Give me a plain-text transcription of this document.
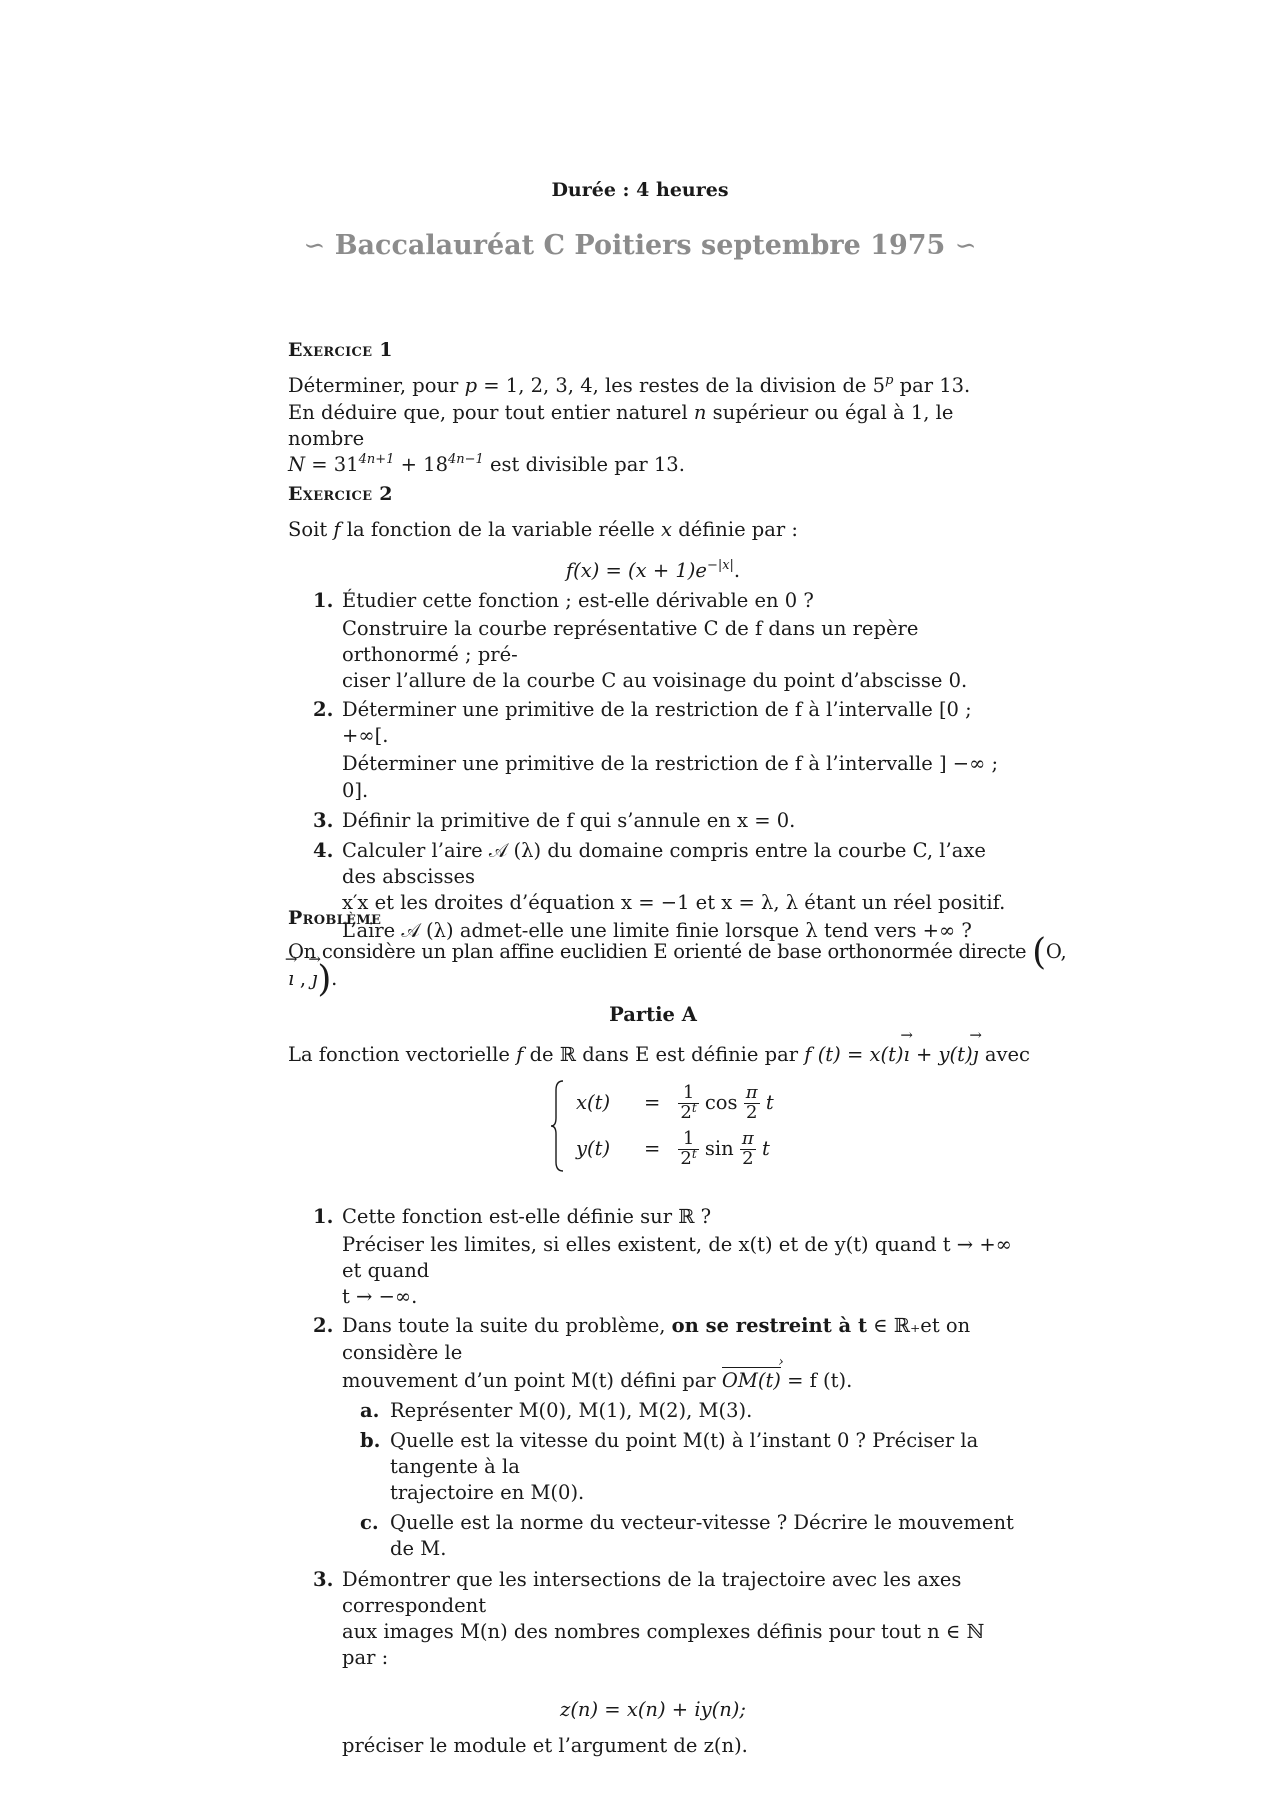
Durée : 4 heures
∽ Baccalauréat C Poitiers septembre 1975 ∽

Exercice 1

Déterminer, pour p = 1, 2, 3, 4, les restes de la division de 5$^p$ par 13.

En déduire que, pour tout entier naturel n supérieur ou égal à 1, le nombre

$N = 31^{4n+1} + 18^{4n-1}$ est divisible par 13.

Exercice 2

Soit f la fonction de la variable réelle x définie par :

$f(x) = (x + 1)e^{-|x|}$.

1. Étudier cette fonction ; est-elle dérivable en 0 ?

Construire la courbe représentative C de f dans un repère orthonormé ; pré-

ciser l’allure de la courbe C au voisinage du point d’abscisse 0.

2. Déterminer une primitive de la restriction de f à l’intervalle [0 ; +∞[.

Déterminer une primitive de la restriction de f à l’intervalle ] −∞ ; 0].

3. Définir la primitive de f qui s’annule en x = 0.

4. Calculer l’aire 𝒜 (λ) du domaine compris entre la courbe C, l’axe des abscisses

x′x et les droites d’équation x = −1 et x = λ, λ étant un réel positif.

L’aire 𝒜 (λ) admet-elle une limite finie lorsque λ tend vers +∞ ?

Problème

On considère un plan affine euclidien E orienté de base orthonormée directe (O, → ı , → ȷ).

Partie A

La fonction vectorielle f de ℝ dans E est définie par f (t) = x(t)→ ı + y(t)→ ȷ avec

$x(t) = \frac{1}{2^t}$ $\cos \frac{\pi}{2}$ t
$y(t) = \frac{1}{2^t}$ $\sin \frac{\pi}{2}$ t
1. Cette fonction est-elle définie sur ℝ ?

Préciser les limites, si elles existent, de x(t) et de y(t) quand t → +∞ et quand

t → −∞.

2. Dans toute la suite du problème, on se restreint à t ∈ ℝ₊et on considère le

mouvement d’un point M(t) défini par OM(t) › = f (t).

a. Représenter M(0), M(1), M(2), M(3).

b. Quelle est la vitesse du point M(t) à l’instant 0 ? Préciser la tangente à la

trajectoire en M(0).

c. Quelle est la norme du vecteur-vitesse ? Décrire le mouvement de M.

3. Démontrer que les intersections de la trajectoire avec les axes correspondent

aux images M(n) des nombres complexes définis pour tout n ∈ ℕ par :

z(n) = x(n) + iy(n);

préciser le module et l’argument de z(n).
